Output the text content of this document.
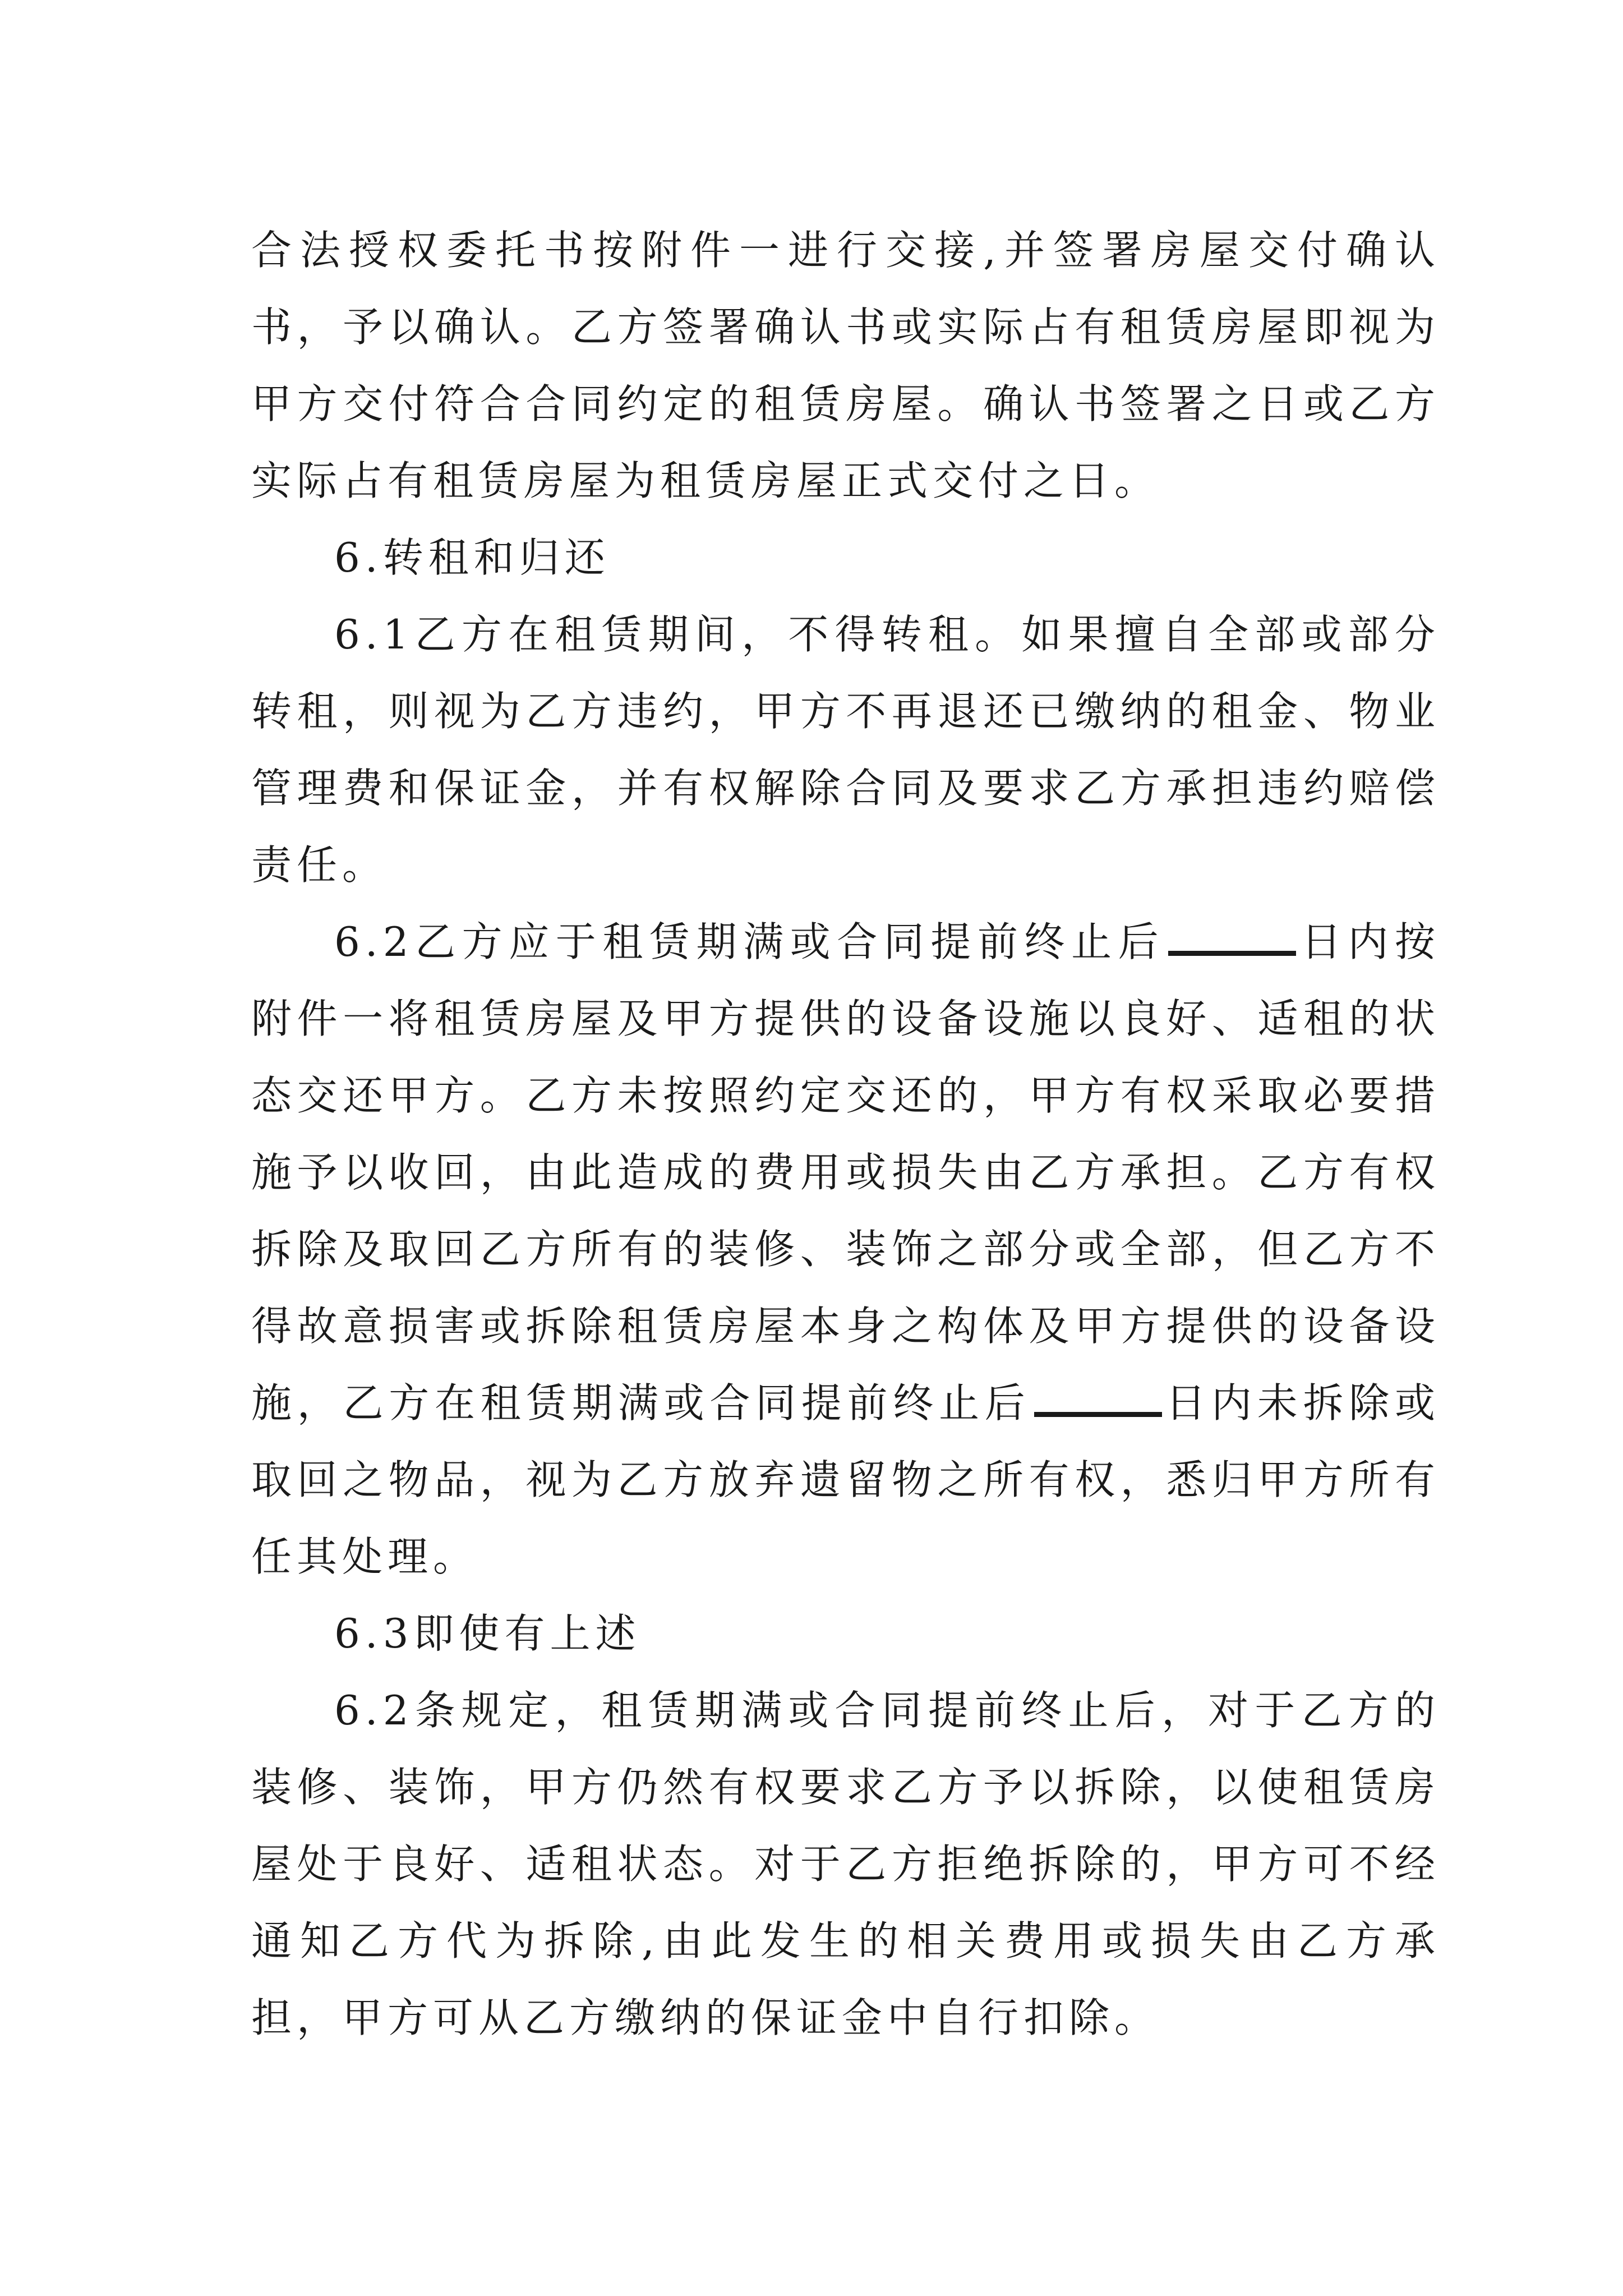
合法授权委托书按附件一进行交接,并签署房屋交付确认书，予以确认。乙方签署确认书或实际占有租赁房屋即视为甲方交付符合合同约定的租赁房屋。确认书签署之日或乙方实际占有租赁房屋为租赁房屋正式交付之日。

6.转租和归还

6.1乙方在租赁期间，不得转租。如果擅自全部或部分转租，则视为乙方违约，甲方不再退还已缴纳的租金、物业管理费和保证金，并有权解除合同及要求乙方承担违约赔偿责任。

6.2乙方应于租赁期满或合同提前终止后	日内按附件一将租赁房屋及甲方提供的设备设施以良好、适租的状态交还甲方。乙方未按照约定交还的，甲方有权采取必要措施予以收回，由此造成的费用或损失由乙方承担。乙方有权拆除及取回乙方所有的装修、装饰之部分或全部，但乙方不得故意损害或拆除租赁房屋本身之构体及甲方提供的设备设施，乙方在租赁期满或合同提前终止后	日内未拆除或取回之物品，视为乙方放弃遗留物之所有权，悉归甲方所有任其处理。

6.3即使有上述

6.2条规定，租赁期满或合同提前终止后，对于乙方的装修、装饰，甲方仍然有权要求乙方予以拆除，以使租赁房屋处于良好、适租状态。对于乙方拒绝拆除的，甲方可不经通知乙方代为拆除,由此发生的相关费用或损失由乙方承担，甲方可从乙方缴纳的保证金中自行扣除。
